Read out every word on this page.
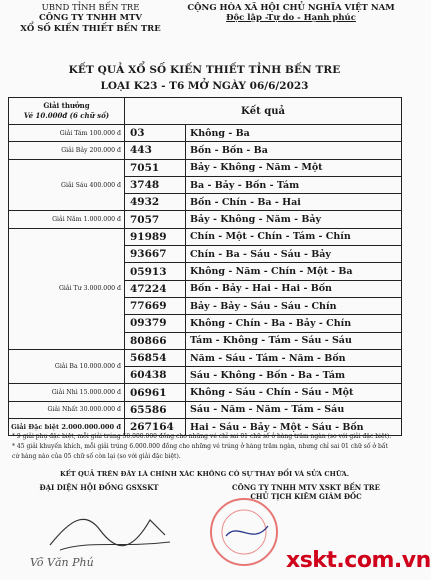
UBND TỈNH BẾN TRE
CÔNG TY TNHH MTV
XỔ SỐ KIẾN THIẾT BẾN TRE
CỘNG HÒA XÃ HỘI CHỦ NGHĨA VIỆT NAM
Độc lập -Tự do - Hạnh phúc
KẾT QUẢ XỔ SỐ KIẾN THIẾT TỈNH BẾN TRE
LOẠI K23 - T6 MỞ NGÀY 06/6/2023
Giải thưởng
Vé 10.000đ (6 chữ số)	Kết quả	
Giải Tám 100.000 đ	03	Không - Ba
Giải Bảy 200.000 đ	443	Bốn - Bốn - Ba
Giải Sáu 400.000 đ	7051	Bảy - Không - Năm - Một
	3748	Ba - Bảy - Bốn - Tám
	4932	Bốn - Chín - Ba - Hai
Giải Năm 1.000.000 đ	7057	Bảy - Không - Năm - Bảy
Giải Tư 3.000.000 đ	91989	Chín - Một - Chín - Tám - Chín
	93667	Chín - Ba - Sáu - Sáu - Bảy
	05913	Không - Năm - Chín - Một - Ba
	47224	Bốn - Bảy - Hai - Hai - Bốn
	77669	Bảy - Bảy - Sáu - Sáu - Chín
	09379	Không - Chín - Ba - Bảy - Chín
	80866	Tám - Không - Tám - Sáu - Sáu
Giải Ba 10.000.000 đ	56854	Năm - Sáu - Tám - Năm - Bốn
	60438	Sáu - Không - Bốn - Ba - Tám
Giải Nhì 15.000.000 đ	06961	Không - Sáu - Chín - Sáu - Một
Giải Nhất 30.000.000 đ	65586	Sáu - Năm - Năm - Tám - Sáu
Giải Đặc biệt 2.000.000.000 đ	267164	Hai - Sáu - Bảy - Một - Sáu - Bốn

* 9 giải phụ đặc biệt, mỗi giải trúng 50.000.000 đồng cho những vé chỉ sai 01 chữ số ở hàng trăm ngàn (so với giải đặc biệt).

* 45 giải khuyến khích, mỗi giải trúng 6.000.000 đồng cho những vé trúng ở hàng trăm ngàn, nhưng chỉ sai 01 chữ số ở bất

cứ hàng nào của 05 chữ số còn lại (so với giải đặc biệt).

KẾT QUẢ TRÊN ĐÂY LÀ CHÍNH XÁC KHÔNG CÓ SỰ THAY ĐỔI VÀ SỬA CHỮA.
ĐẠI DIỆN HỘI ĐỒNG GSXSKT	CÔNG TY TNHH MTV XSKT BẾN TRE
CHỦ TỊCH KIÊM GIÁM ĐỐC
Võ Văn Phú	xskt.com.vn
